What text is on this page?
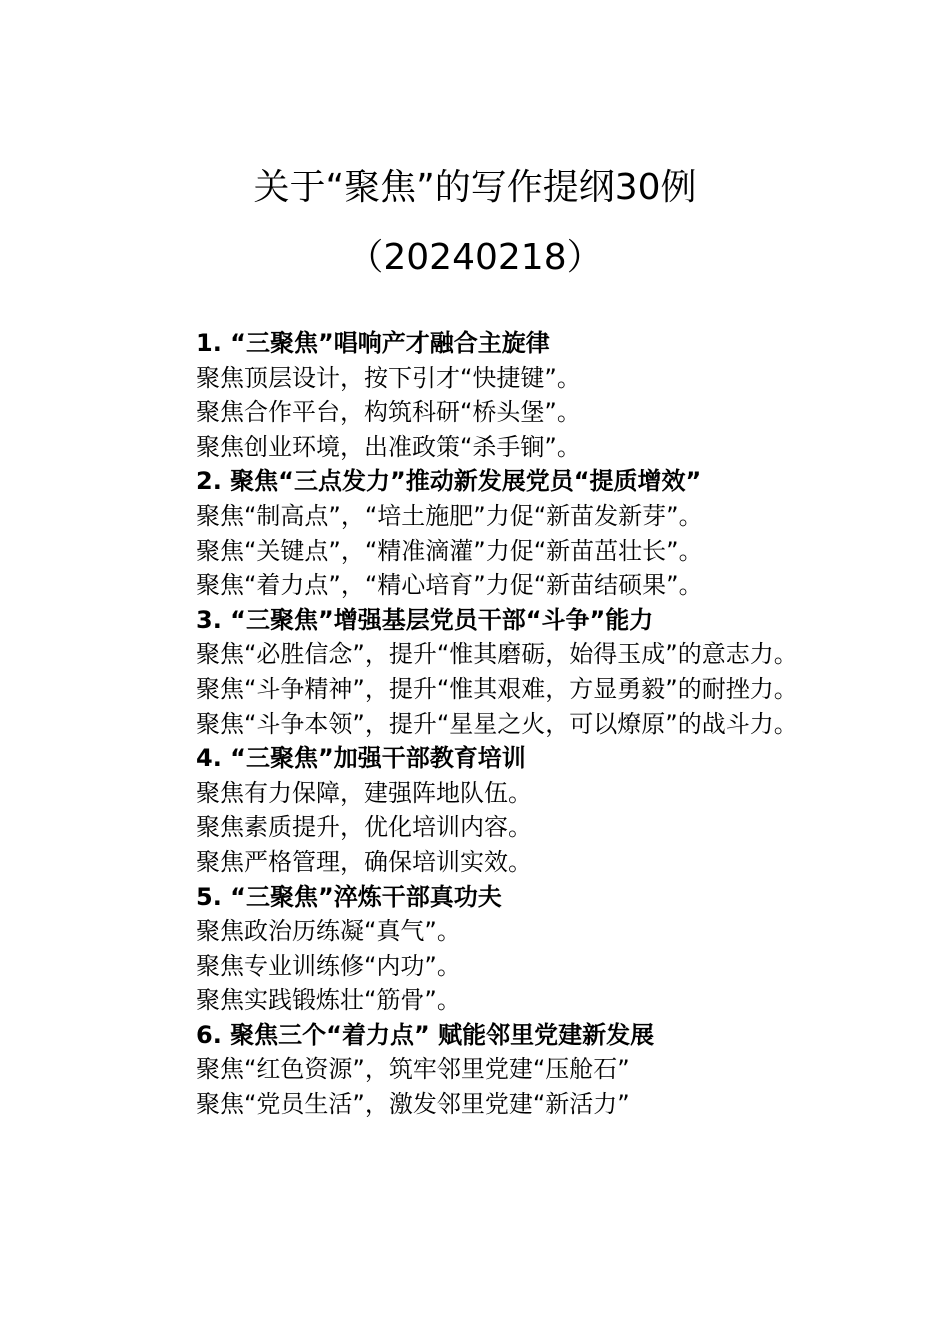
关于“聚焦”的写作提纲30例
（20240218）
1. “三聚焦”唱响产才融合主旋律
聚焦顶层设计，按下引才“快捷键”。
聚焦合作平台，构筑科研“桥头堡”。
聚焦创业环境，出准政策“杀手锏”。
2. 聚焦“三点发力”推动新发展党员“提质增效”
聚焦“制高点”，“培土施肥”力促“新苗发新芽”。
聚焦“关键点”，“精准滴灌”力促“新苗茁壮长”。
聚焦“着力点”，“精心培育”力促“新苗结硕果”。
3. “三聚焦”增强基层党员干部“斗争”能力
聚焦“必胜信念”，提升“惟其磨砺，始得玉成”的意志力。
聚焦“斗争精神”，提升“惟其艰难，方显勇毅”的耐挫力。
聚焦“斗争本领”，提升“星星之火，可以燎原”的战斗力。
4. “三聚焦”加强干部教育培训
聚焦有力保障，建强阵地队伍。
聚焦素质提升，优化培训内容。
聚焦严格管理，确保培训实效。
5. “三聚焦”淬炼干部真功夫
聚焦政治历练凝“真气”。
聚焦专业训练修“内功”。
聚焦实践锻炼壮“筋骨”。
6. 聚焦三个“着力点” 赋能邻里党建新发展
聚焦“红色资源”，筑牢邻里党建“压舱石”
聚焦“党员生活”，激发邻里党建“新活力”
